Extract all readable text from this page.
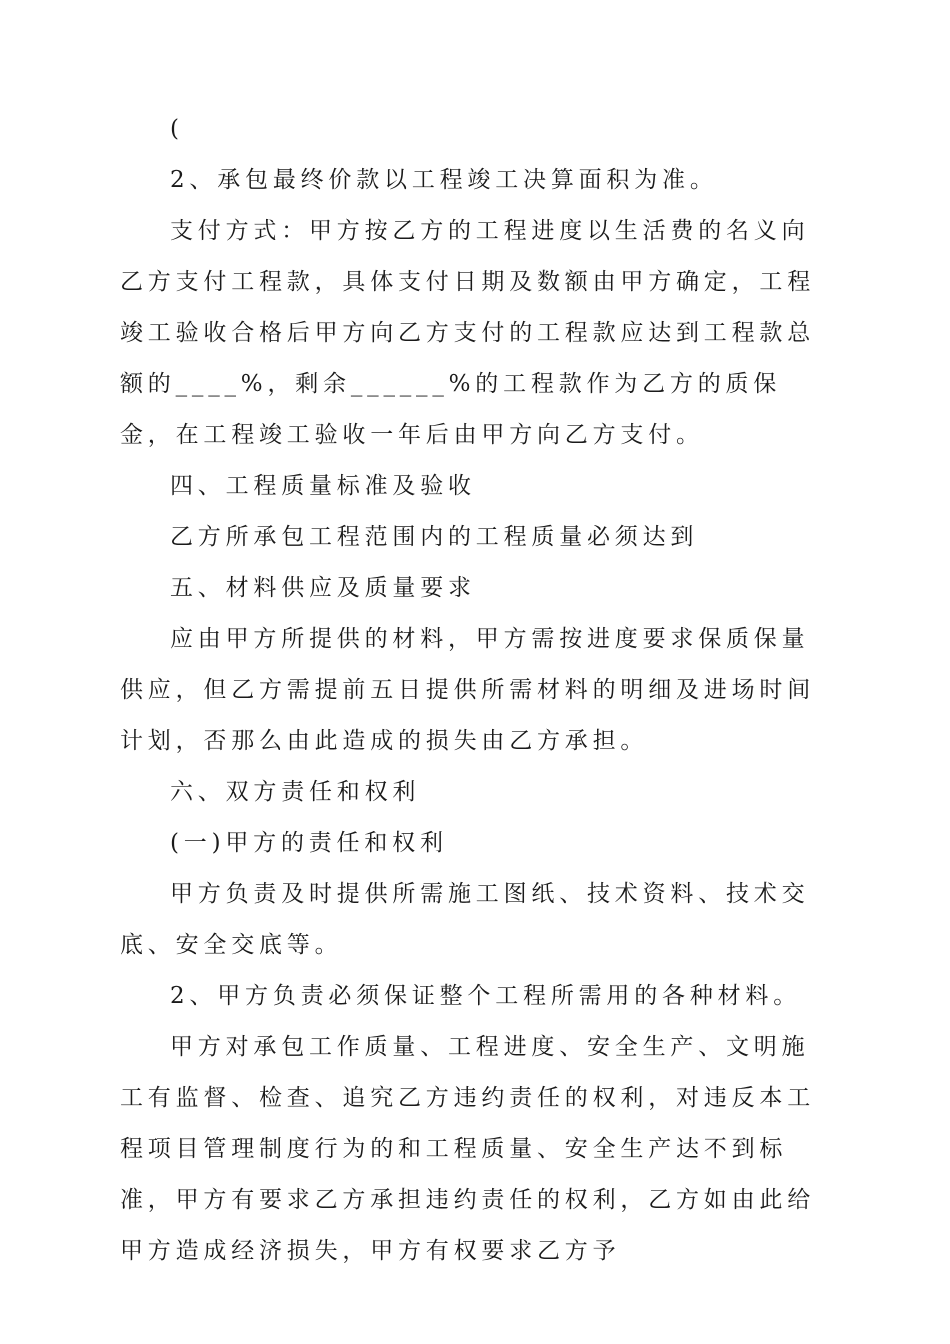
(

2、承包最终价款以工程竣工决算面积为准。

支付方式：甲方按乙方的工程进度以生活费的名义向乙方支付工程款，具体支付日期及数额由甲方确定，工程竣工验收合格后甲方向乙方支付的工程款应达到工程款总额的____%，剩余______%的工程款作为乙方的质保金，在工程竣工验收一年后由甲方向乙方支付。

四、工程质量标准及验收

乙方所承包工程范围内的工程质量必须达到

五、材料供应及质量要求

应由甲方所提供的材料，甲方需按进度要求保质保量供应，但乙方需提前五日提供所需材料的明细及进场时间计划，否那么由此造成的损失由乙方承担。

六、双方责任和权利

(一)甲方的责任和权利

甲方负责及时提供所需施工图纸、技术资料、技术交底、安全交底等。

2、甲方负责必须保证整个工程所需用的各种材料。

甲方对承包工作质量、工程进度、安全生产、文明施工有监督、检查、追究乙方违约责任的权利，对违反本工程项目管理制度行为的和工程质量、安全生产达不到标准，甲方有要求乙方承担违约责任的权利，乙方如由此给甲方造成经济损失，甲方有权要求乙方予
